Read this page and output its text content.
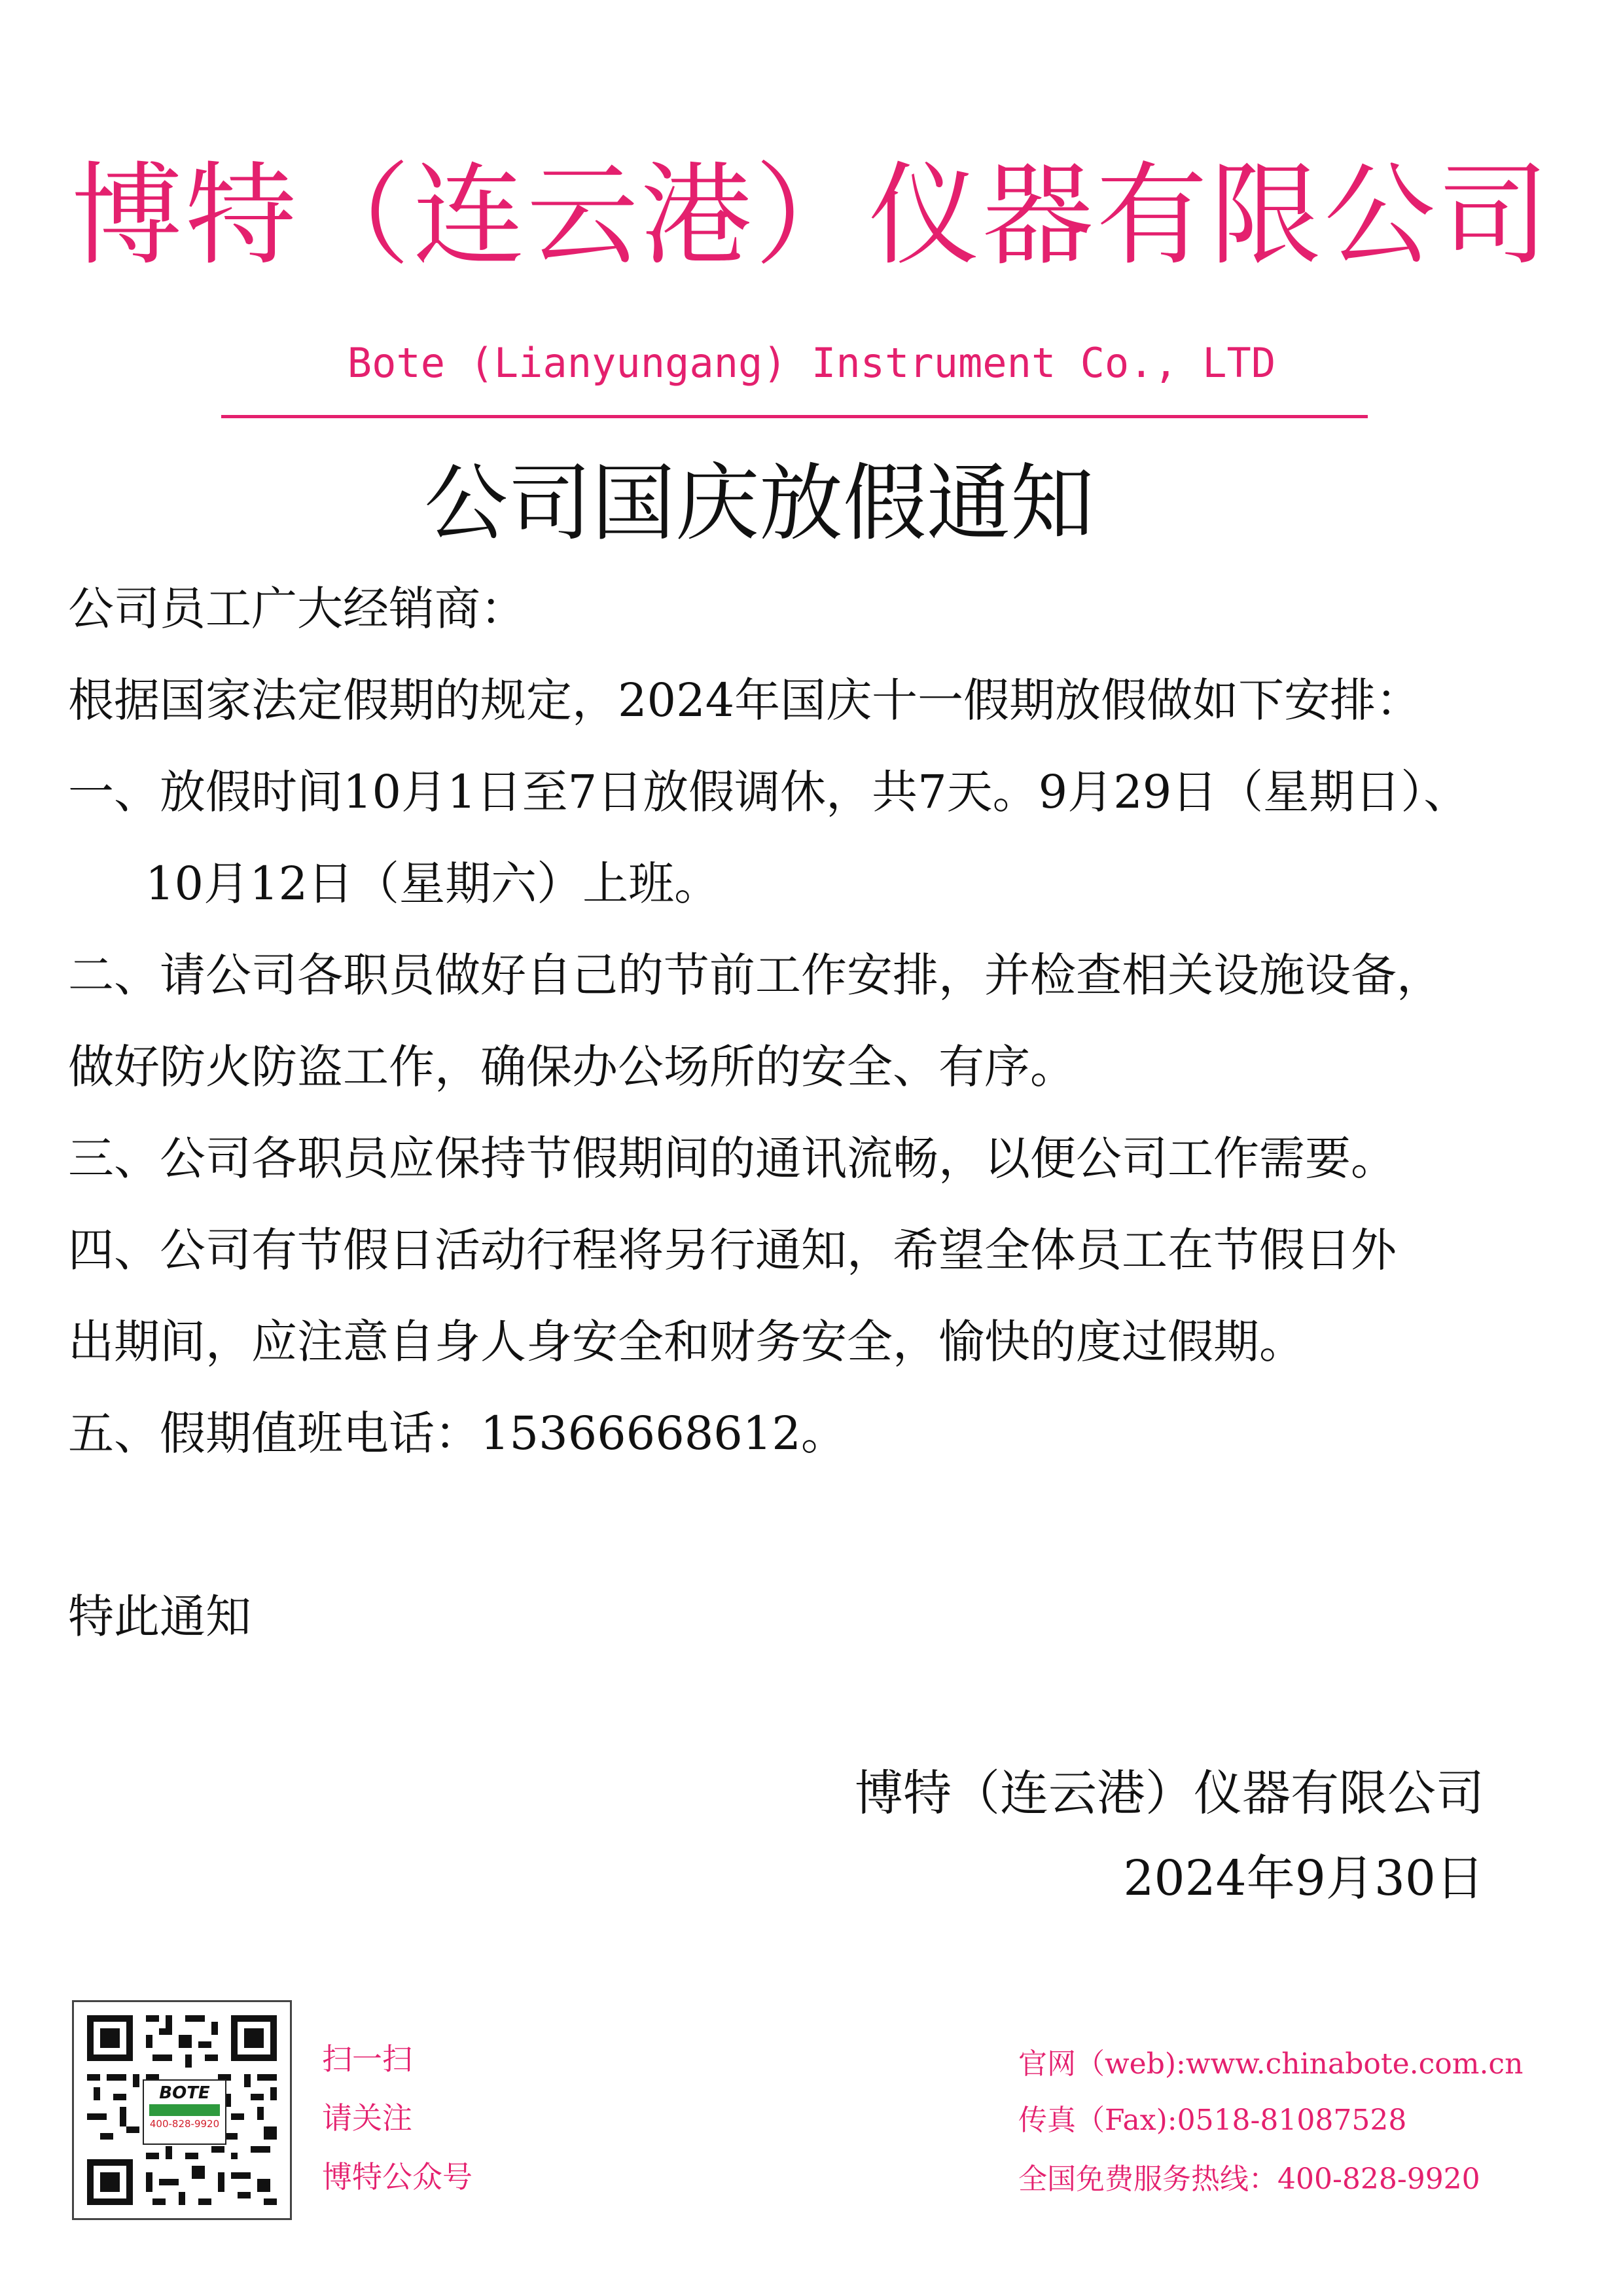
博特（连云港）仪器有限公司
Bote (Lianyungang) Instrument Co., LTD
公司国庆放假通知
公司员工广大经销商：
根据国家法定假期的规定，2024年国庆十一假期放假做如下安排：
一、放假时间10月1日至7日放假调休，共7天。9月29日（星期日）、
10月12日（星期六）上班。
二、请公司各职员做好自己的节前工作安排，并检查相关设施设备，
做好防火防盗工作，确保办公场所的安全、有序。
三、公司各职员应保持节假期间的通讯流畅，以便公司工作需要。
四、公司有节假日活动行程将另行通知，希望全体员工在节假日外
出期间，应注意自身人身安全和财务安全，愉快的度过假期。
五、假期值班电话：15366668612。
特此通知
博特（连云港）仪器有限公司
2024年9月30日
BOTE
400-828-9920
扫一扫
请关注
博特公众号
官网（web):www.chinabote.com.cn
传真（Fax):0518-81087528
全国免费服务热线：400-828-9920
